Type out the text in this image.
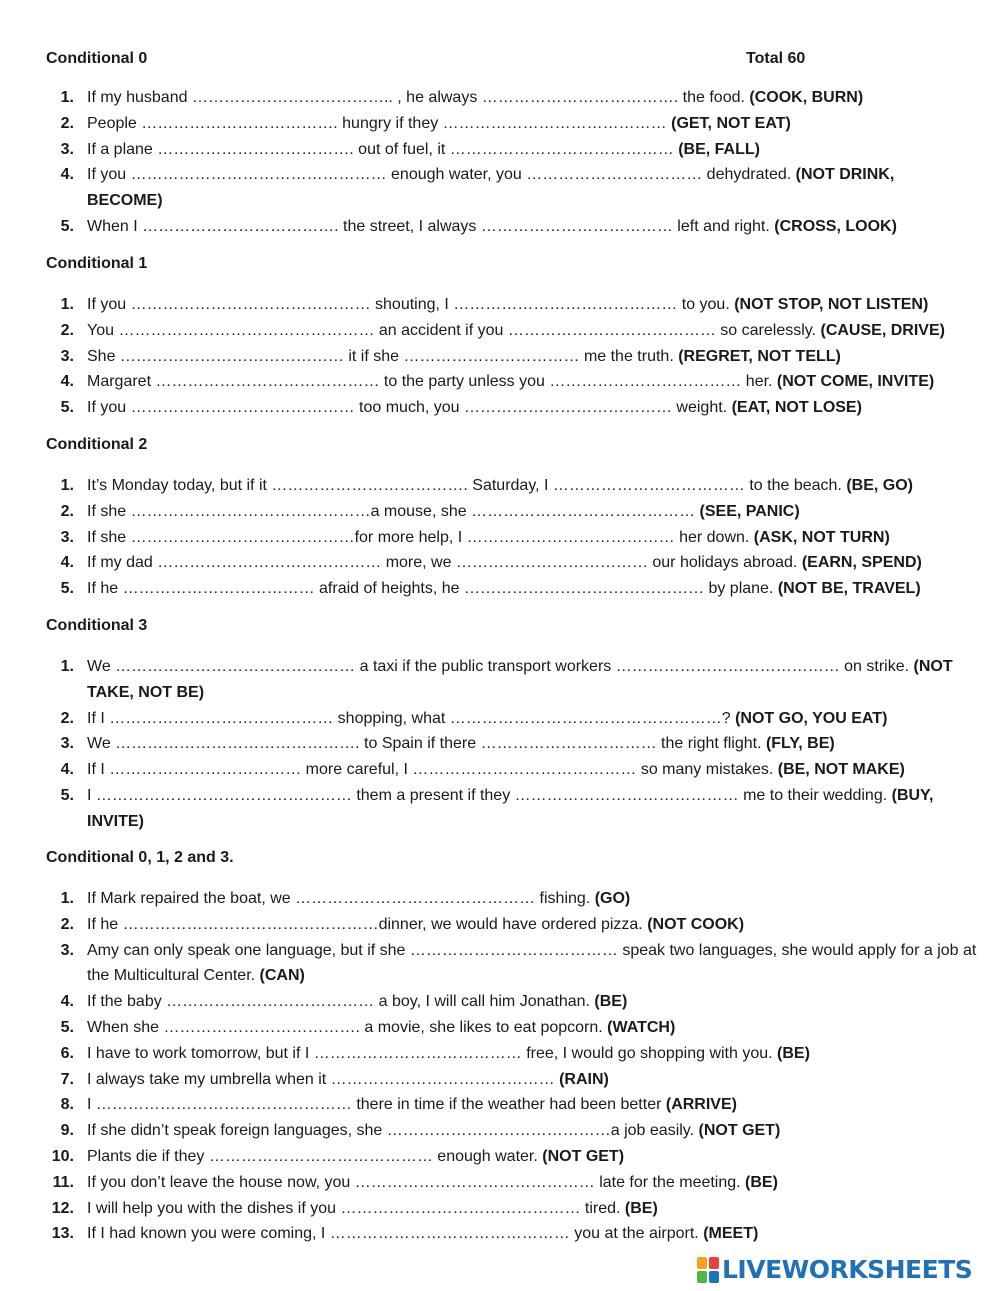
Conditional 0	Total 60
1. If my husband ……………………………….. , he always ………………………………. the food. (COOK, BURN)
2. People ………………………………. hungry if they …………………………………… (GET, NOT EAT)
3. If a plane ………………………………. out of fuel, it …………………………………… (BE, FALL)
4. If you ………………………………………… enough water, you …………………………… dehydrated. (NOT DRINK, BECOME)
5. When I ………………………………. the street, I always ……………………………… left and right. (CROSS, LOOK)
Conditional 1
1. If you ……………………………………… shouting, I …………………………………… to you. (NOT STOP, NOT LISTEN)
2. You ………………………………………… an accident if you ………………………………… so carelessly. (CAUSE, DRIVE)
3. She …………………………………… it if she …………………………… me the truth. (REGRET, NOT TELL)
4. Margaret …………………………………… to the party unless you ……………………………… her. (NOT COME, INVITE)
5. If you …………………………………… too much, you ………………………………… weight. (EAT, NOT LOSE)
Conditional 2
1. It’s Monday today, but if it ………………………………. Saturday, I ……………………………… to the beach. (BE, GO)
2. If she ………………………………………a mouse, she …………………………………… (SEE, PANIC)
3. If she ……………………………………for more help, I ………………………………… her down. (ASK, NOT TURN)
4. If my dad …………………………………… more, we ……………………………… our holidays abroad. (EARN, SPEND)
5. If he ……………………………… afraid of heights, he ……………………………………… by plane. (NOT BE, TRAVEL)
Conditional 3
1. We ……………………………………… a taxi if the public transport workers …………………………………… on strike. (NOT TAKE, NOT BE)
2. If I …………………………………… shopping, what ……………………………………………? (NOT GO, YOU EAT)
3. We ………………………………………. to Spain if there …………………………… the right flight. (FLY, BE)
4. If I ……………………………… more careful, I …………………………………… so many mistakes. (BE, NOT MAKE)
5. I ………………………………………… them a present if they …………………………………… me to their wedding. (BUY, INVITE)
Conditional 0, 1, 2 and 3.
1. If Mark repaired the boat, we ……………………………………… fishing. (GO)
2. If he …………………………………………dinner, we would have ordered pizza. (NOT COOK)
3. Amy can only speak one language, but if she ………………………………… speak two languages, she would apply for a job at the Multicultural Center. (CAN)
4. If the baby ………………………………… a boy, I will call him Jonathan. (BE)
5. When she ………………………………. a movie, she likes to eat popcorn. (WATCH)
6. I have to work tomorrow, but if I ………………………………… free, I would go shopping with you. (BE)
7. I always take my umbrella when it …………………………………… (RAIN)
8. I ………………………………………… there in time if the weather had been better (ARRIVE)
9. If she didn’t speak foreign languages, she ……………………………………a job easily. (NOT GET)
10. Plants die if they …………………………………… enough water. (NOT GET)
11. If you don’t leave the house now, you ……………………………………… late for the meeting. (BE)
12. I will help you with the dishes if you ……………………………………… tired. (BE)
13. If I had known you were coming, I ……………………………………… you at the airport. (MEET)
LIVEWORKSHEETS
